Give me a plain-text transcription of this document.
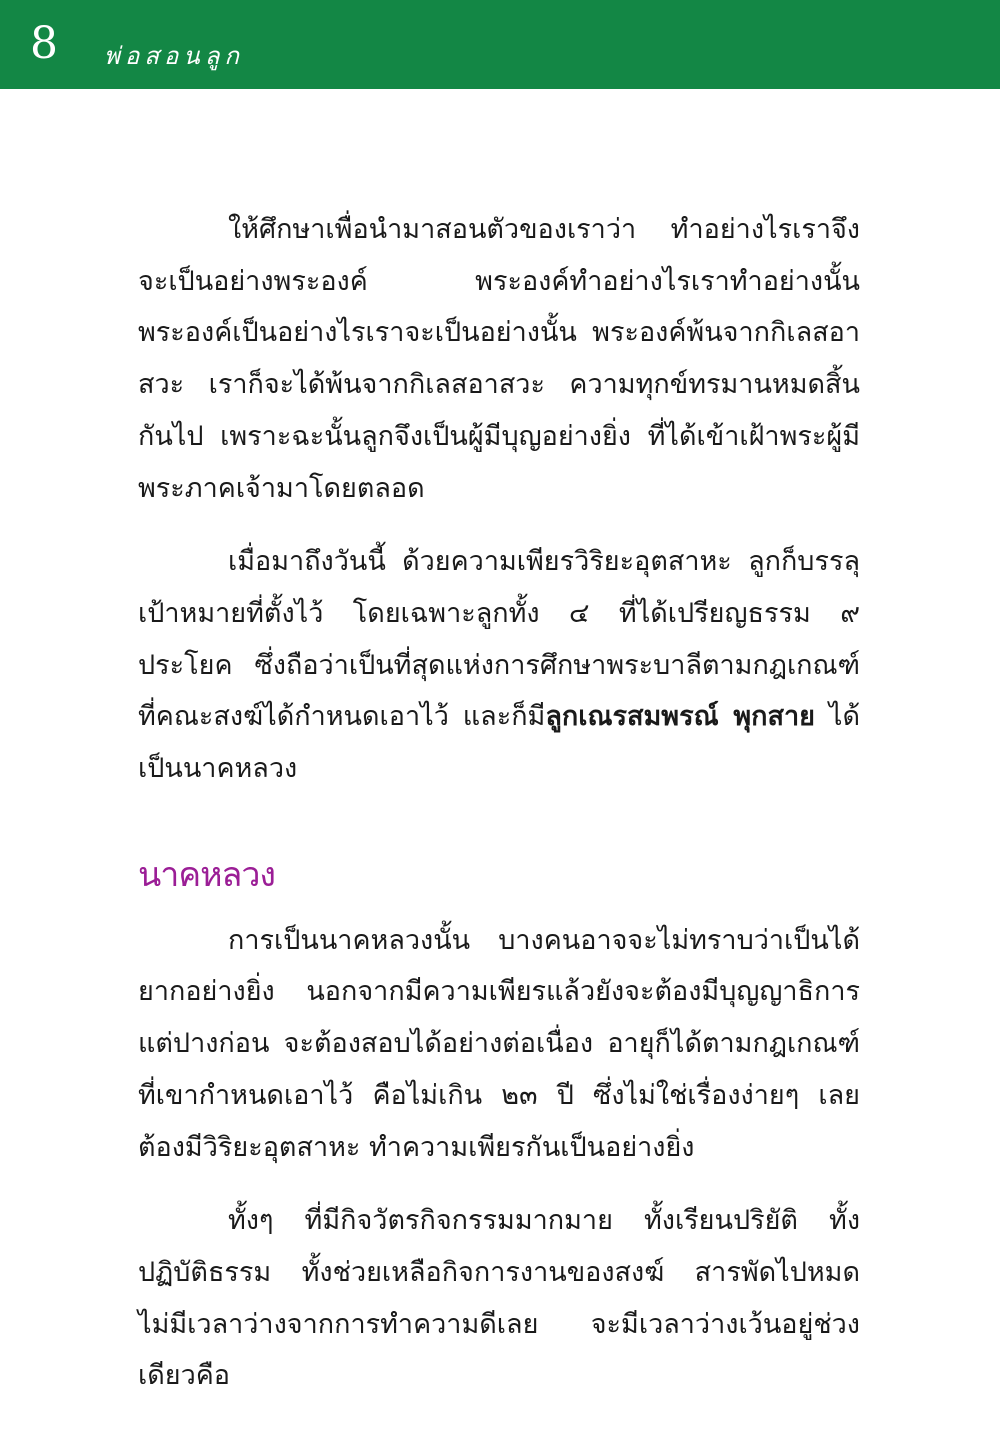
8 พ่อสอนลูก

ให้ศึกษาเพื่อนำมาสอนตัวของเราว่า ทำอย่างไรเราจึงจะเป็นอย่างพระองค์ พระองค์ทำอย่างไรเราทำอย่างนั้น พระองค์เป็นอย่างไรเราจะเป็นอย่างนั้น พระองค์พ้นจากกิเลสอาสวะ เราก็จะได้พ้นจากกิเลสอาสวะ ความทุกข์ทรมานหมดสิ้นกันไป เพราะฉะนั้นลูกจึงเป็นผู้มีบุญอย่างยิ่ง ที่ได้เข้าเฝ้าพระผู้มีพระภาคเจ้ามาโดยตลอด

เมื่อมาถึงวันนี้ ด้วยความเพียรวิริยะอุตสาหะ ลูกก็บรรลุเป้าหมายที่ตั้งไว้ โดยเฉพาะลูกทั้ง ๔ ที่ได้เปรียญธรรม ๙ ประโยค ซึ่งถือว่าเป็นที่สุดแห่งการศึกษาพระบาลีตามกฎเกณฑ์ที่คณะสงฆ์ได้กำหนดเอาไว้ และก็มีลูกเณรสมพรณ์ พุกสาย ได้เป็นนาคหลวง

นาคหลวง

การเป็นนาคหลวงนั้น บางคนอาจจะไม่ทราบว่าเป็นได้ยากอย่างยิ่ง นอกจากมีความเพียรแล้วยังจะต้องมีบุญญาธิการแต่ปางก่อน จะต้องสอบได้อย่างต่อเนื่อง อายุก็ได้ตามกฎเกณฑ์ที่เขากำหนดเอาไว้ คือไม่เกิน ๒๓ ปี ซึ่งไม่ใช่เรื่องง่ายๆ เลย ต้องมีวิริยะอุตสาหะ ทำความเพียรกันเป็นอย่างยิ่ง

ทั้งๆ ที่มีกิจวัตรกิจกรรมมากมาย ทั้งเรียนปริยัติ ทั้งปฏิบัติธรรม ทั้งช่วยเหลือกิจการงานของสงฆ์ สารพัดไปหมดไม่มีเวลาว่างจากการทำความดีเลย จะมีเวลาว่างเว้นอยู่ช่วงเดียวคือ
